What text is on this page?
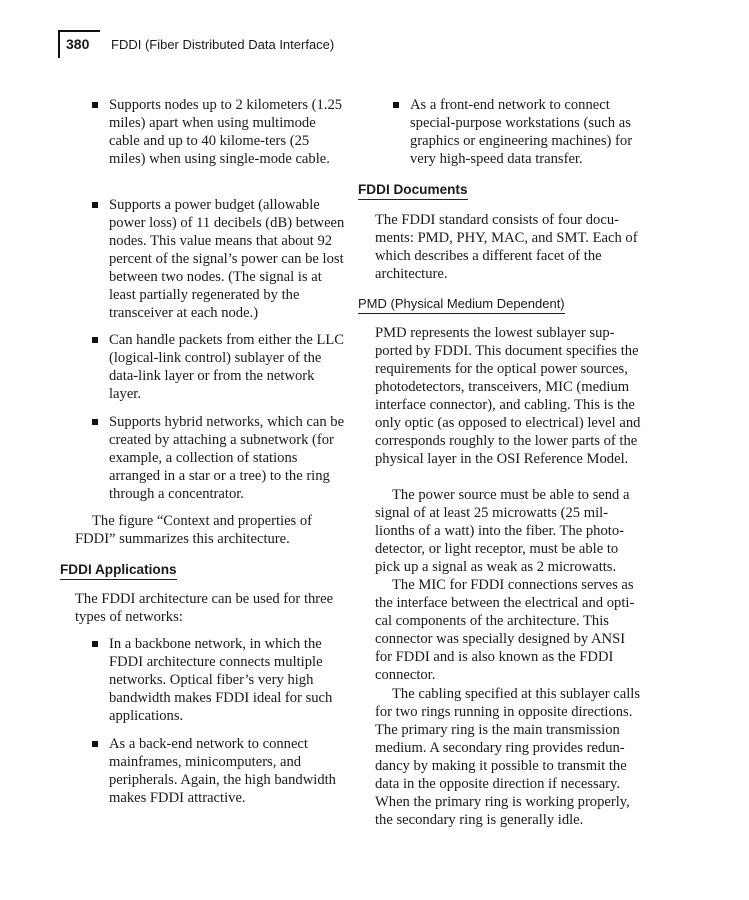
380 FDDI (Fiber Distributed Data Interface)
Supports nodes up to 2 kilometers (1.25 miles) apart when using multimode cable and up to 40 kilome-ters (25 miles) when using single-mode cable.
Supports a power budget (allowable power loss) of 11 decibels (dB) between nodes. This value means that about 92 percent of the signal’s power can be lost between two nodes. (The signal is at least partially regenerated by the transceiver at each node.)
Can handle packets from either the LLC (logical-link control) sublayer of the data-link layer or from the network layer.
Supports hybrid networks, which can be created by attaching a subnetwork (for example, a collection of stations arranged in a star or a tree) to the ring through a concentrator.
The figure “Context and properties of FDDI” summarizes this architecture.
FDDI Applications
The FDDI architecture can be used for three types of networks:
In a backbone network, in which the FDDI architecture connects multiple networks. Optical fiber’s very high bandwidth makes FDDI ideal for such applications.
As a back-end network to connect mainframes, minicomputers, and peripherals. Again, the high bandwidth makes FDDI attractive.
As a front-end network to connect special-purpose workstations (such as graphics or engineering machines) for very high-speed data transfer.
FDDI Documents
The FDDI standard consists of four docu-ments: PMD, PHY, MAC, and SMT. Each of which describes a different facet of the architecture.
PMD (Physical Medium Dependent)
PMD represents the lowest sublayer sup-ported by FDDI. This document specifies the requirements for the optical power sources, photodetectors, transceivers, MIC (medium interface connector), and cabling. This is the only optic (as opposed to electrical) level and corresponds roughly to the lower parts of the physical layer in the OSI Reference Model.
The power source must be able to send a signal of at least 25 microwatts (25 mil-lionths of a watt) into the fiber. The photo-detector, or light receptor, must be able to pick up a signal as weak as 2 microwatts.
The MIC for FDDI connections serves as the interface between the electrical and opti-cal components of the architecture. This connector was specially designed by ANSI for FDDI and is also known as the FDDI connector.
The cabling specified at this sublayer calls for two rings running in opposite directions. The primary ring is the main transmission medium. A secondary ring provides redun-dancy by making it possible to transmit the data in the opposite direction if necessary. When the primary ring is working properly, the secondary ring is generally idle.
